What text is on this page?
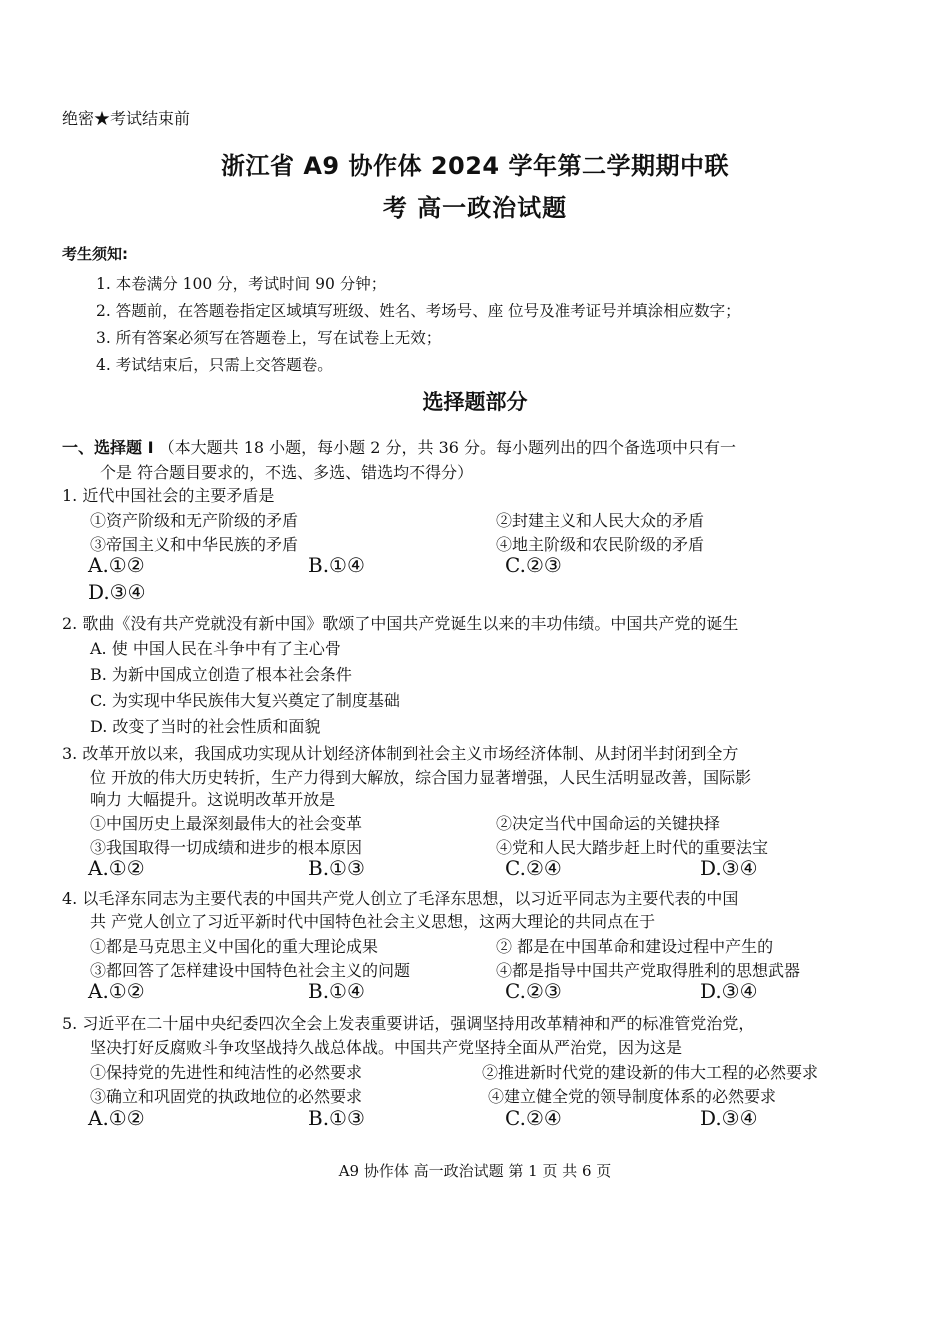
绝密★考试结束前
浙江省 A9 协作体 2024 学年第二学期期中联
考 高一政治试题
考生须知:
1. 本卷满分 100 分，考试时间 90 分钟；
2. 答题前，在答题卷指定区域填写班级、姓名、考场号、座 位号及准考证号并填涂相应数字；
3. 所有答案必须写在答题卷上，写在试卷上无效；
4. 考试结束后，只需上交答题卷。
选择题部分
一、选择题 I （本大题共 18 小题，每小题 2 分，共 36 分。每小题列出的四个备选项中只有一
个是 符合题目要求的，不选、多选、错选均不得分）
1. 近代中国社会的主要矛盾是
①资产阶级和无产阶级的矛盾	②封建主义和人民大众的矛盾
③帝国主义和中华民族的矛盾	④地主阶级和农民阶级的矛盾
A.①②	B.①④	C.②③
D.③④
2. 歌曲《没有共产党就没有新中国》歌颂了中国共产党诞生以来的丰功伟绩。中国共产党的诞生
A. 使 中国人民在斗争中有了主心骨
B. 为新中国成立创造了根本社会条件
C. 为实现中华民族伟大复兴奠定了制度基础
D. 改变了当时的社会性质和面貌
3. 改革开放以来，我国成功实现从计划经济体制到社会主义市场经济体制、从封闭半封闭到全方
位 开放的伟大历史转折，生产力得到大解放，综合国力显著增强，人民生活明显改善，国际影
响力 大幅提升。这说明改革开放是
①中国历史上最深刻最伟大的社会变革	②决定当代中国命运的关键抉择
③我国取得一切成绩和进步的根本原因	④党和人民大踏步赶上时代的重要法宝
A.①②	B.①③	C.②④	D.③④
4. 以毛泽东同志为主要代表的中国共产党人创立了毛泽东思想，以习近平同志为主要代表的中国
共 产党人创立了习近平新时代中国特色社会主义思想，这两大理论的共同点在于
①都是马克思主义中国化的重大理论成果	② 都是在中国革命和建设过程中产生的
③都回答了怎样建设中国特色社会主义的问题	④都是指导中国共产党取得胜利的思想武器
A.①②	B.①④	C.②③	D.③④
5. 习近平在二十届中央纪委四次全会上发表重要讲话，强调坚持用改革精神和严的标准管党治党，
坚决打好反腐败斗争攻坚战持久战总体战。中国共产党坚持全面从严治党，因为这是
①保持党的先进性和纯洁性的必然要求	②推进新时代党的建设新的伟大工程的必然要求
③确立和巩固党的执政地位的必然要求	④建立健全党的领导制度体系的必然要求
A.①②	B.①③	C.②④	D.③④
A9 协作体 高一政治试题 第 1 页 共 6 页
